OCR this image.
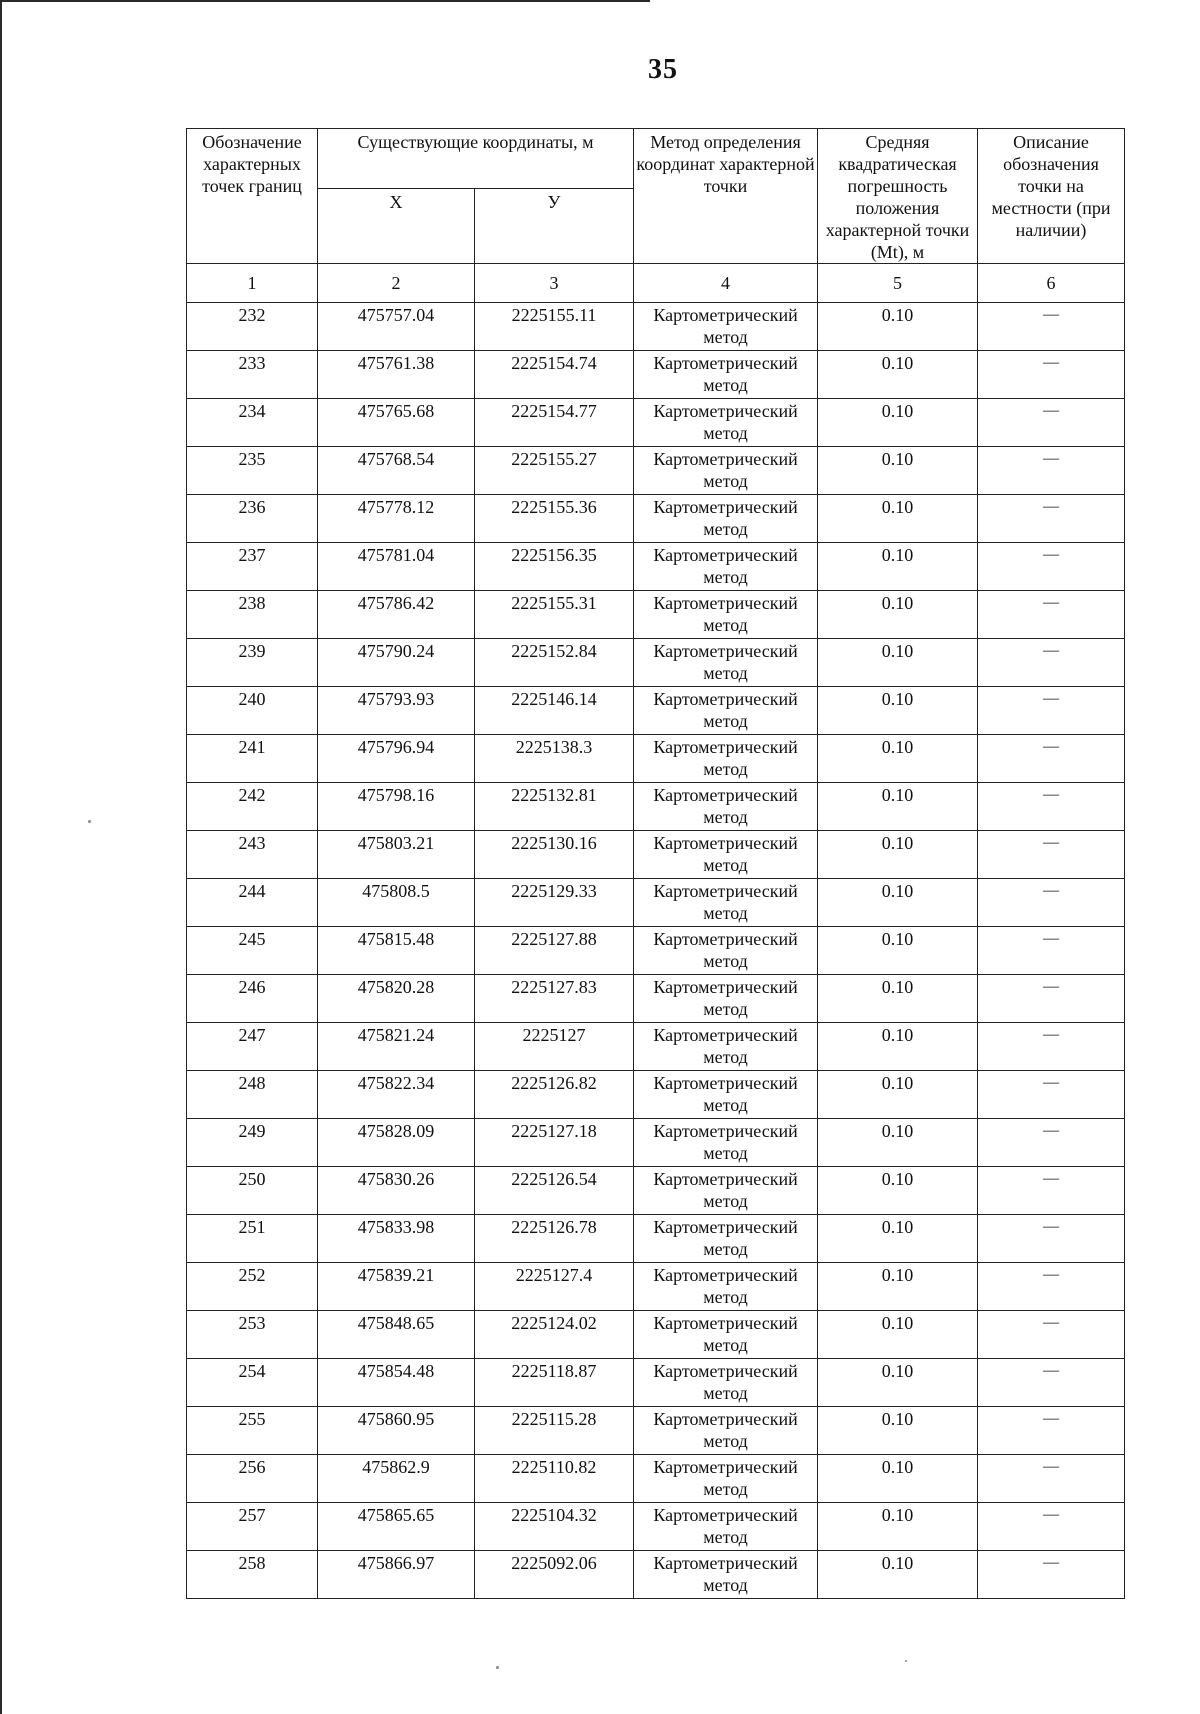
35
Обозначение характерных точек границ	Существующие координаты, м		Метод определения координат характерной точки	Средняя квадратическая погрешность положения характерной точки (Mt), м	Описание обозначения точки на местности (при наличии)
	X	У			
1	2	3	4	5	6
232	475757.04	2225155.11	Картометрический метод	0.10	—
233	475761.38	2225154.74	Картометрический метод	0.10	—
234	475765.68	2225154.77	Картометрический метод	0.10	—
235	475768.54	2225155.27	Картометрический метод	0.10	—
236	475778.12	2225155.36	Картометрический метод	0.10	—
237	475781.04	2225156.35	Картометрический метод	0.10	—
238	475786.42	2225155.31	Картометрический метод	0.10	—
239	475790.24	2225152.84	Картометрический метод	0.10	—
240	475793.93	2225146.14	Картометрический метод	0.10	—
241	475796.94	2225138.3	Картометрический метод	0.10	—
242	475798.16	2225132.81	Картометрический метод	0.10	—
243	475803.21	2225130.16	Картометрический метод	0.10	—
244	475808.5	2225129.33	Картометрический метод	0.10	—
245	475815.48	2225127.88	Картометрический метод	0.10	—
246	475820.28	2225127.83	Картометрический метод	0.10	—
247	475821.24	2225127	Картометрический метод	0.10	—
248	475822.34	2225126.82	Картометрический метод	0.10	—
249	475828.09	2225127.18	Картометрический метод	0.10	—
250	475830.26	2225126.54	Картометрический метод	0.10	—
251	475833.98	2225126.78	Картометрический метод	0.10	—
252	475839.21	2225127.4	Картометрический метод	0.10	—
253	475848.65	2225124.02	Картометрический метод	0.10	—
254	475854.48	2225118.87	Картометрический метод	0.10	—
255	475860.95	2225115.28	Картометрический метод	0.10	—
256	475862.9	2225110.82	Картометрический метод	0.10	—
257	475865.65	2225104.32	Картометрический метод	0.10	—
258	475866.97	2225092.06	Картометрический метод	0.10	—
